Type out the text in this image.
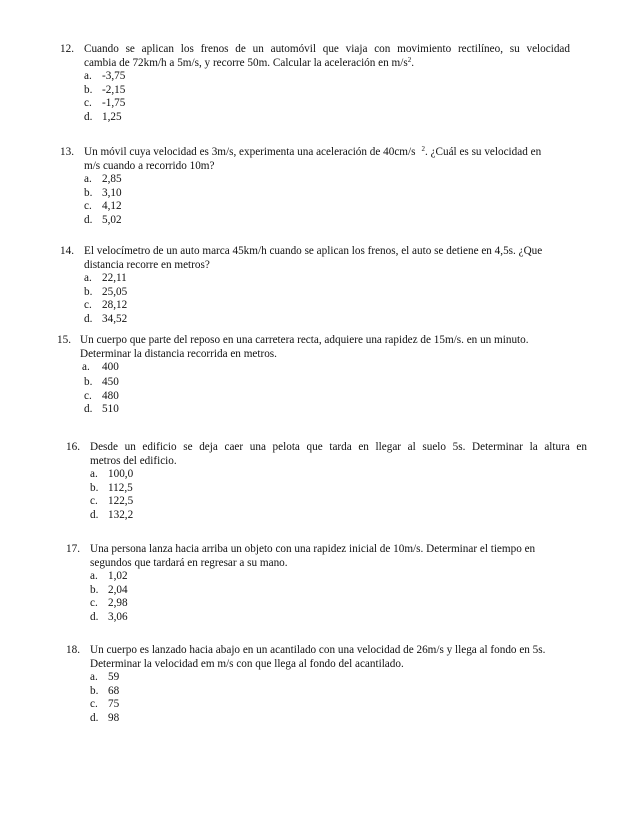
12. Cuando se aplican los frenos de un automóvil que viaja con movimiento rectilíneo, su velocidad
cambia de 72km/h a 5m/s, y recorre 50m. Calcular la aceleración en $m/s^2$.
a. -3,75
b. -2,15
c. -1,75
d. 1,25
13. Un móvil cuya velocidad es 3m/s, experimenta una aceleración de 40cm/s $^2$. ¿Cuál es su velocidad en
m/s cuando a recorrido 10m?
a. 2,85
b. 3,10
c. 4,12
d. 5,02
14. El velocímetro de un auto marca 45km/h cuando se aplican los frenos, el auto se detiene en 4,5s. ¿Que
distancia recorre en metros?
a. 22,11
b. 25,05
c. 28,12
d. 34,52
15. Un cuerpo que parte del reposo en una carretera recta, adquiere una rapidez de 15m/s. en un minuto.
Determinar la distancia recorrida en metros.
a. 400
b. 450
c. 480
d. 510
16. Desde un edificio se deja caer una pelota que tarda en llegar al suelo 5s. Determinar la altura en
metros del edificio.
a. 100,0
b. 112,5
c. 122,5
d. 132,2
17. Una persona lanza hacia arriba un objeto con una rapidez inicial de 10m/s. Determinar el tiempo en
segundos que tardará en regresar a su mano.
a. 1,02
b. 2,04
c. 2,98
d. 3,06
18. Un cuerpo es lanzado hacia abajo en un acantilado con una velocidad de 26m/s y llega al fondo en 5s.
Determinar la velocidad em m/s con que llega al fondo del acantilado.
a. 59
b. 68
c. 75
d. 98
